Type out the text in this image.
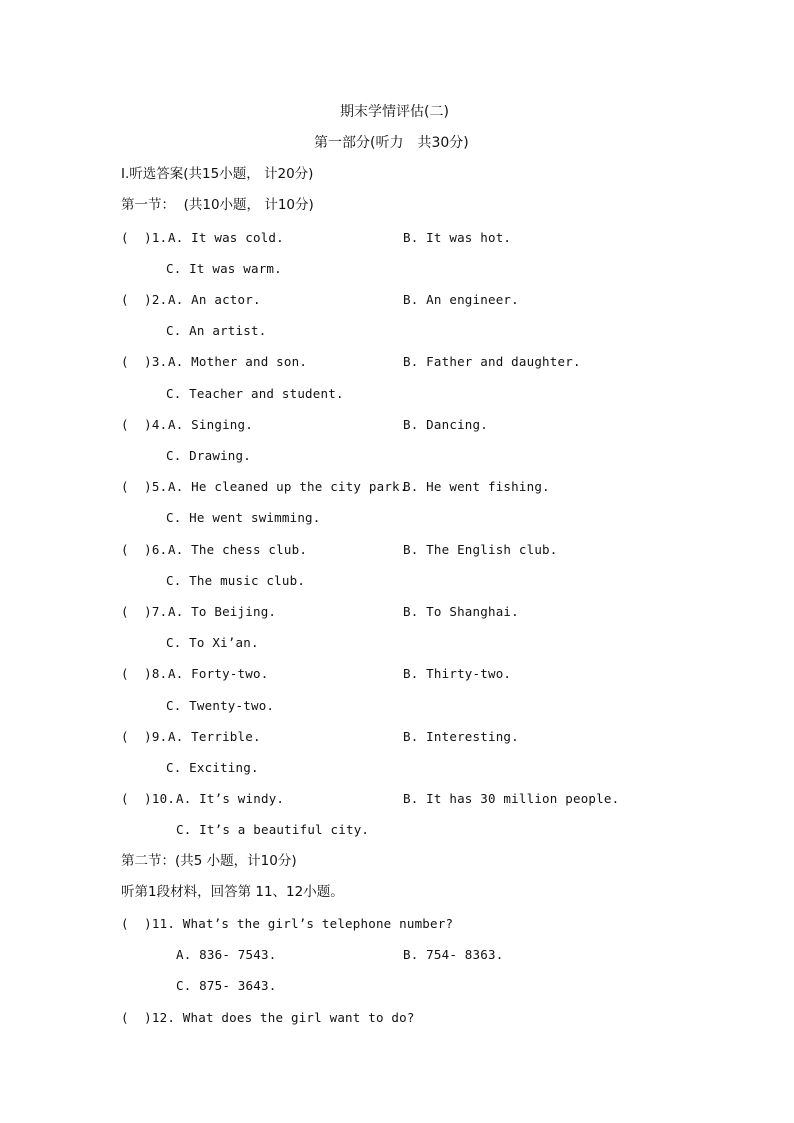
期末学情评估(二)
第一部分(听力　共30分)
Ⅰ.听选答案(共15小题， 计20分)
第一节：  (共10小题， 计10分)
(  )1. A. It was cold.	B. It was hot.
C. It was warm.
(  )2. A. An actor.	B. An engineer.
C. An artist.
(  )3. A. Mother and son.	B. Father and daughter.
C. Teacher and student.
(  )4. A. Singing.	B. Dancing.
C. Drawing.
(  )5. A. He cleaned up the city park.
B. He went fishing.
C. He went swimming.
(  )6. A. The chess club.	B. The English club.
C. The music club.
(  )7. A. To Beijing.	B. To Shanghai.
C. To Xi’an.
(  )8. A. Forty-two.	B. Thirty-two.
C. Twenty-two.
(  )9. A. Terrible.	B. Interesting.
C. Exciting.
(  )10. A. It’s windy.	B. It has 30 million people.
C. It’s a beautiful city.
第二节：(共5 小题，计10分)
听第1段材料，回答第 11、12小题。
(  )11. What’s the girl’s telephone number?
A. 836- 7543.	B. 754- 8363.
C. 875- 3643.
(  )12. What does the girl want to do?
